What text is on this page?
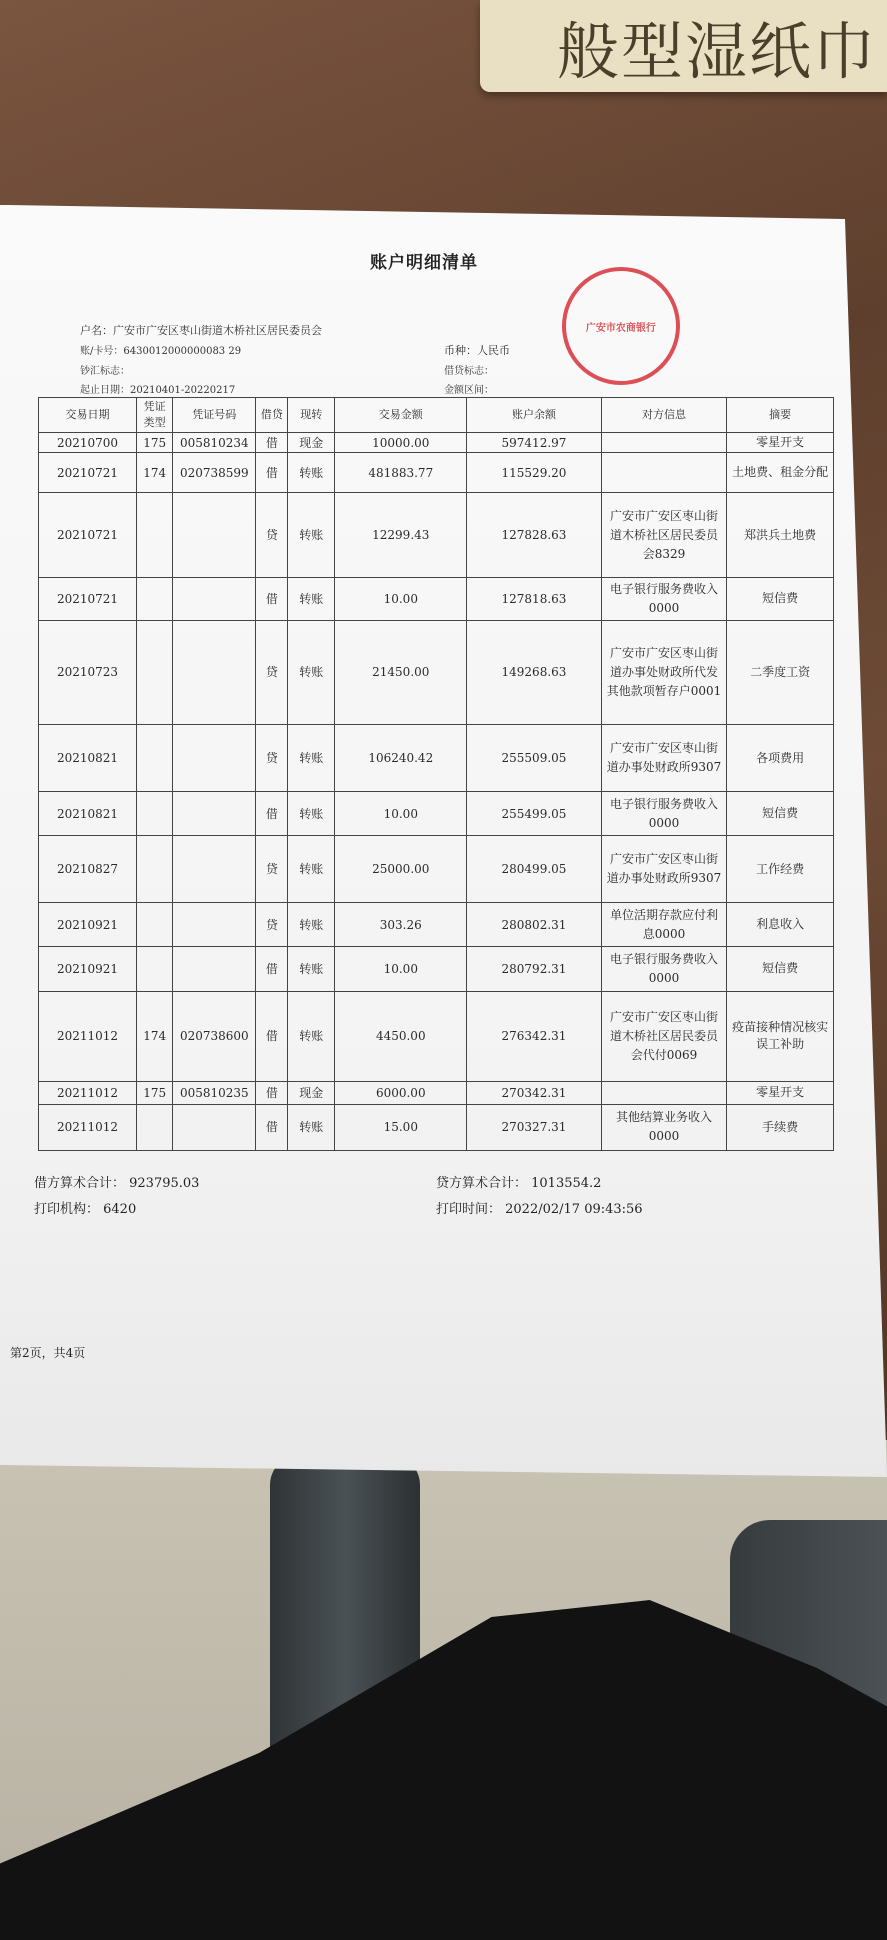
般型湿纸巾
账户明细清单
广安市农商银行
户名：广安市广安区枣山街道木桥社区居民委员会
账/卡号：6430012000000083 29
钞汇标志：
起止日期：20210401-20220217
币种：人民币
借贷标志：
金额区间：
交易日期	凭证类型	凭证号码	借贷	现转	交易金额	账户余额	对方信息	摘要
20210700	175	005810234	借	现金	10000.00	597412.97		零星开支
20210721	174	020738599	借	转账	481883.77	115529.20		土地费、租金分配
20210721			贷	转账	12299.43	127828.63	广安市广安区枣山街道木桥社区居民委员会8329	郑洪兵土地费
20210721			借	转账	10.00	127818.63	电子银行服务费收入0000	短信费
20210723			贷	转账	21450.00	149268.63	广安市广安区枣山街道办事处财政所代发其他款项暂存户0001	二季度工资
20210821			贷	转账	106240.42	255509.05	广安市广安区枣山街道办事处财政所9307	各项费用
20210821			借	转账	10.00	255499.05	电子银行服务费收入0000	短信费
20210827			贷	转账	25000.00	280499.05	广安市广安区枣山街道办事处财政所9307	工作经费
20210921			贷	转账	303.26	280802.31	单位活期存款应付利息0000	利息收入
20210921			借	转账	10.00	280792.31	电子银行服务费收入0000	短信费
20211012	174	020738600	借	转账	4450.00	276342.31	广安市广安区枣山街道木桥社区居民委员会代付0069	疫苗接种情况核实误工补助
20211012	175	005810235	借	现金	6000.00	270342.31		零星开支
20211012			借	转账	15.00	270327.31	其他结算业务收入0000	手续费
借方算术合计： 923795.03	贷方算术合计： 1013554.2
打印机构： 6420	打印时间： 2022/02/17 09:43:56
第2页，共4页
